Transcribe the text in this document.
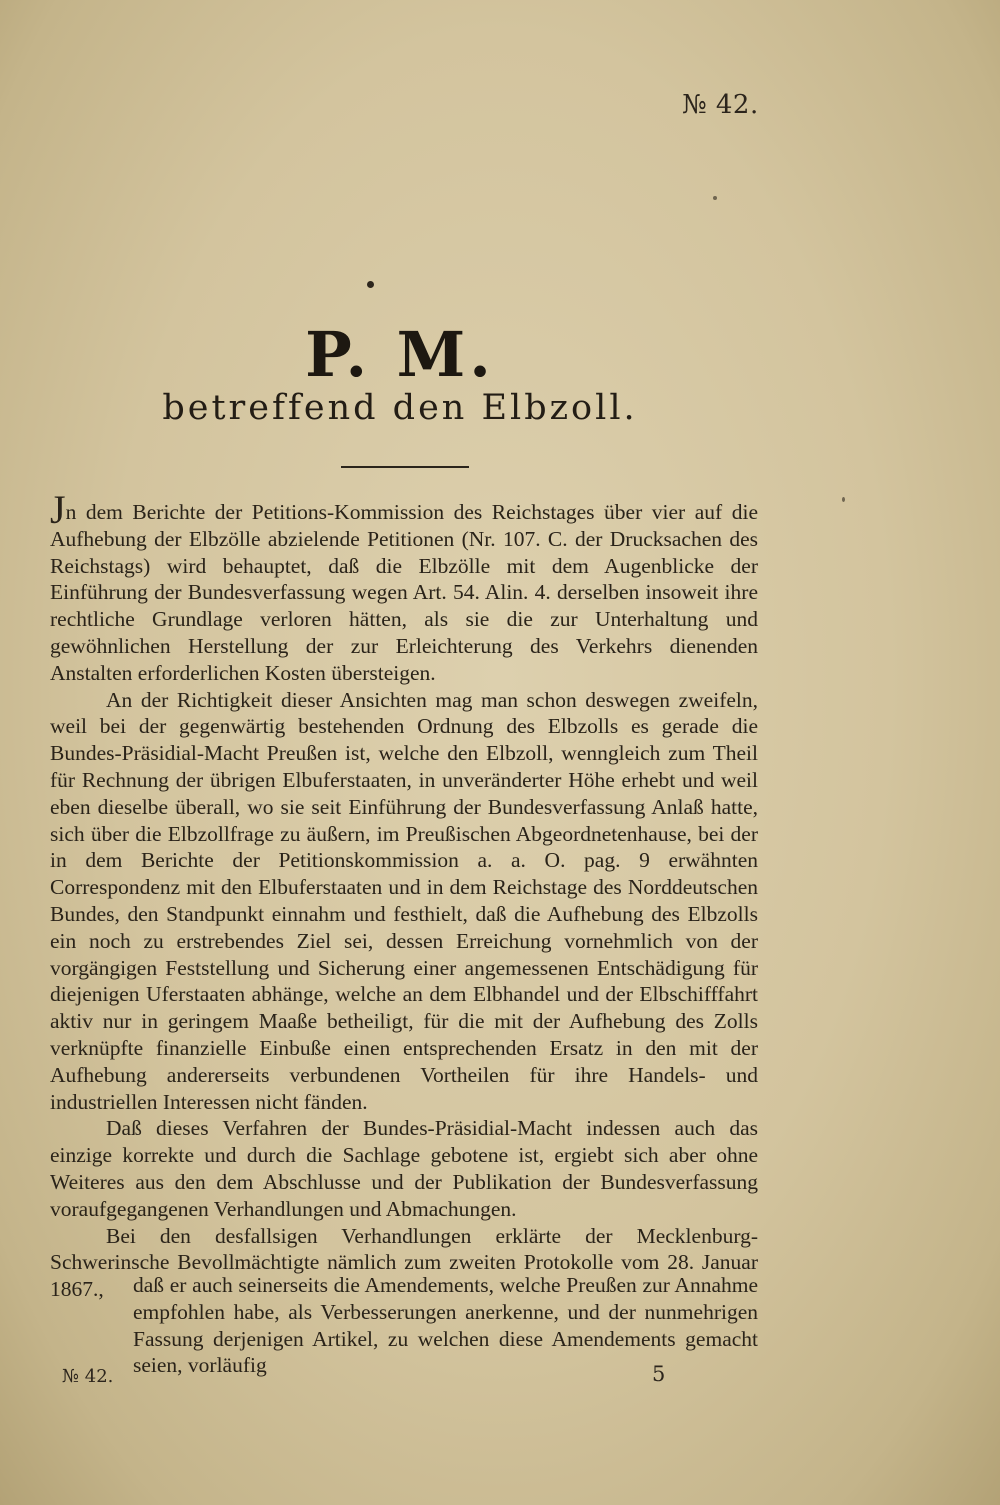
№ 42.
P. M.
betreffend den Elbzoll.

Jn dem Berichte der Petitions-Kommission des Reichstages über vier auf die Aufhebung der Elbzölle abzielende Petitionen (Nr. 107. C. der Drucksachen des Reichstags) wird behauptet, daß die Elbzölle mit dem Augenblicke der Einführung der Bundesverfassung wegen Art. 54. Alin. 4. derselben insoweit ihre rechtliche Grundlage verloren hätten, als sie die zur Unterhaltung und gewöhnlichen Herstellung der zur Erleichterung des Verkehrs dienenden Anstalten erforderlichen Kosten übersteigen.

An der Richtigkeit dieser Ansichten mag man schon deswegen zweifeln, weil bei der gegenwärtig bestehenden Ordnung des Elbzolls es gerade die Bundes-Präsidial-Macht Preußen ist, welche den Elbzoll, wenngleich zum Theil für Rechnung der übrigen Elbuferstaaten, in unveränderter Höhe erhebt und weil eben dieselbe überall, wo sie seit Einführung der Bundesverfassung Anlaß hatte, sich über die Elbzollfrage zu äußern, im Preußischen Abgeordnetenhause, bei der in dem Berichte der Petitionskommission a. a. O. pag. 9 erwähnten Correspondenz mit den Elbuferstaaten und in dem Reichstage des Norddeutschen Bundes, den Standpunkt einnahm und festhielt, daß die Aufhebung des Elbzolls ein noch zu erstrebendes Ziel sei, dessen Erreichung vornehmlich von der vorgängigen Feststellung und Sicherung einer angemessenen Entschädigung für diejenigen Uferstaaten abhänge, welche an dem Elbhandel und der Elbschifffahrt aktiv nur in geringem Maaße betheiligt, für die mit der Aufhebung des Zolls verknüpfte finanzielle Einbuße einen entsprechenden Ersatz in den mit der Aufhebung andererseits verbundenen Vortheilen für ihre Handels- und industriellen Interessen nicht fänden.

Daß dieses Verfahren der Bundes-Präsidial-Macht indessen auch das einzige korrekte und durch die Sachlage gebotene ist, ergiebt sich aber ohne Weiteres aus den dem Abschlusse und der Publikation der Bundesverfassung voraufgegangenen Verhandlungen und Abmachungen.

Bei den desfallsigen Verhandlungen erklärte der Mecklenburg-Schwerinsche Bevollmächtigte nämlich zum zweiten Protokolle vom 28. Januar 1867.,	daß er auch seinerseits die Amendements, welche Preußen zur Annahme empfohlen habe, als Verbesserungen anerkenne, und der nunmehrigen Fassung derjenigen Artikel, zu welchen diese Amendements gemacht seien, vorläufig

№ 42.	5
